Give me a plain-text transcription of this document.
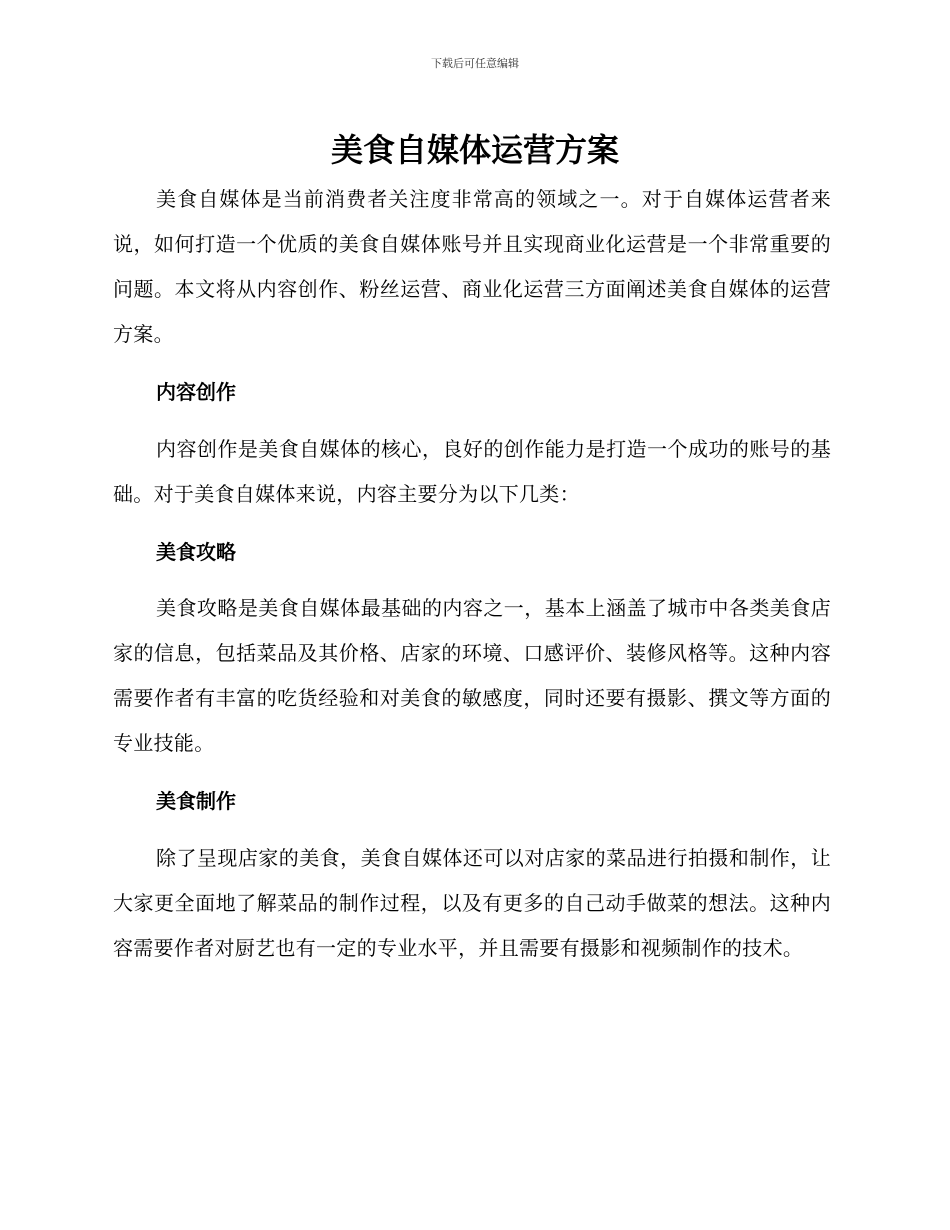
下载后可任意编辑
美食自媒体运营方案

美食自媒体是当前消费者关注度非常高的领域之一。对于自媒体运营者来说，如何打造一个优质的美食自媒体账号并且实现商业化运营是一个非常重要的问题。本文将从内容创作、粉丝运营、商业化运营三方面阐述美食自媒体的运营方案。

内容创作

内容创作是美食自媒体的核心，良好的创作能力是打造一个成功的账号的基础。对于美食自媒体来说，内容主要分为以下几类：

美食攻略

美食攻略是美食自媒体最基础的内容之一，基本上涵盖了城市中各类美食店家的信息，包括菜品及其价格、店家的环境、口感评价、装修风格等。这种内容需要作者有丰富的吃货经验和对美食的敏感度，同时还要有摄影、撰文等方面的专业技能。

美食制作

除了呈现店家的美食，美食自媒体还可以对店家的菜品进行拍摄和制作，让大家更全面地了解菜品的制作过程，以及有更多的自己动手做菜的想法。这种内容需要作者对厨艺也有一定的专业水平，并且需要有摄影和视频制作的技术。
